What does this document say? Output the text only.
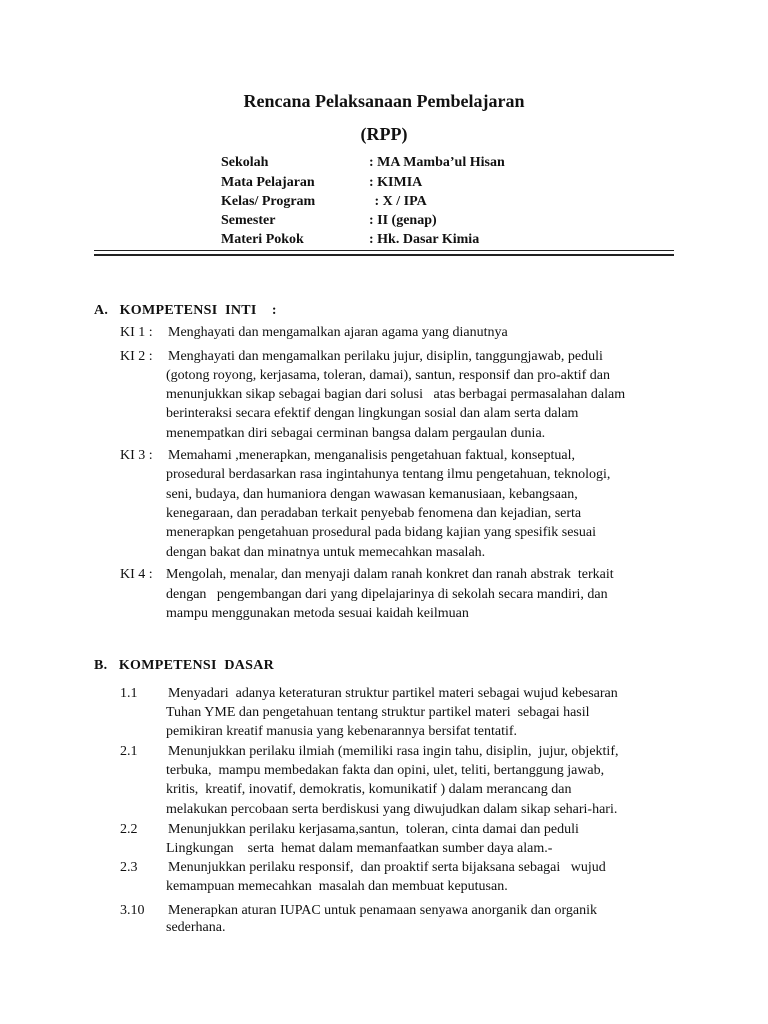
Rencana Pelaksanaan Pembelajaran
(RPP)
Sekolah	: MA Mamba’ul Hisan
Mata Pelajaran	: KIMIA
Kelas/ Program	: X / IPA
Semester	: II (genap)
Materi Pokok	: Hk. Dasar Kimia
A.   KOMPETENSI  INTI    :
KI 1 : Menghayati dan mengamalkan ajaran agama yang dianutnya
KI 2 : Menghayati dan mengamalkan perilaku jujur, disiplin, tanggungjawab, peduli
(gotong royong, kerjasama, toleran, damai), santun, responsif dan pro-aktif dan
menunjukkan sikap sebagai bagian dari solusi   atas berbagai permasalahan dalam
berinteraksi secara efektif dengan lingkungan sosial dan alam serta dalam
menempatkan diri sebagai cerminan bangsa dalam pergaulan dunia.
KI 3 : Memahami ,menerapkan, menganalisis pengetahuan faktual, konseptual,
prosedural berdasarkan rasa ingintahunya tentang ilmu pengetahuan, teknologi,
seni, budaya, dan humaniora dengan wawasan kemanusiaan, kebangsaan,
kenegaraan, dan peradaban terkait penyebab fenomena dan kejadian, serta
menerapkan pengetahuan prosedural pada bidang kajian yang spesifik sesuai
dengan bakat dan minatnya untuk memecahkan masalah.
KI 4 : Mengolah, menalar, dan menyaji dalam ranah konkret dan ranah abstrak  terkait
dengan   pengembangan dari yang dipelajarinya di sekolah secara mandiri, dan
mampu menggunakan metoda sesuai kaidah keilmuan
B.   KOMPETENSI  DASAR
1.1 Menyadari  adanya keteraturan struktur partikel materi sebagai wujud kebesaran
Tuhan YME dan pengetahuan tentang struktur partikel materi  sebagai hasil
pemikiran kreatif manusia yang kebenarannya bersifat tentatif.
2.1 Menunjukkan perilaku ilmiah (memiliki rasa ingin tahu, disiplin,  jujur, objektif,
terbuka,  mampu membedakan fakta dan opini, ulet, teliti, bertanggung jawab,
kritis,  kreatif, inovatif, demokratis, komunikatif ) dalam merancang dan
melakukan percobaan serta berdiskusi yang diwujudkan dalam sikap sehari-hari.
2.2 Menunjukkan perilaku kerjasama,santun,  toleran, cinta damai dan peduli
Lingkungan    serta  hemat dalam memanfaatkan sumber daya alam.-
2.3 Menunjukkan perilaku responsif,  dan proaktif serta bijaksana sebagai   wujud
kemampuan memecahkan  masalah dan membuat keputusan.
3.10 Menerapkan aturan IUPAC untuk penamaan senyawa anorganik dan organik
sederhana.
